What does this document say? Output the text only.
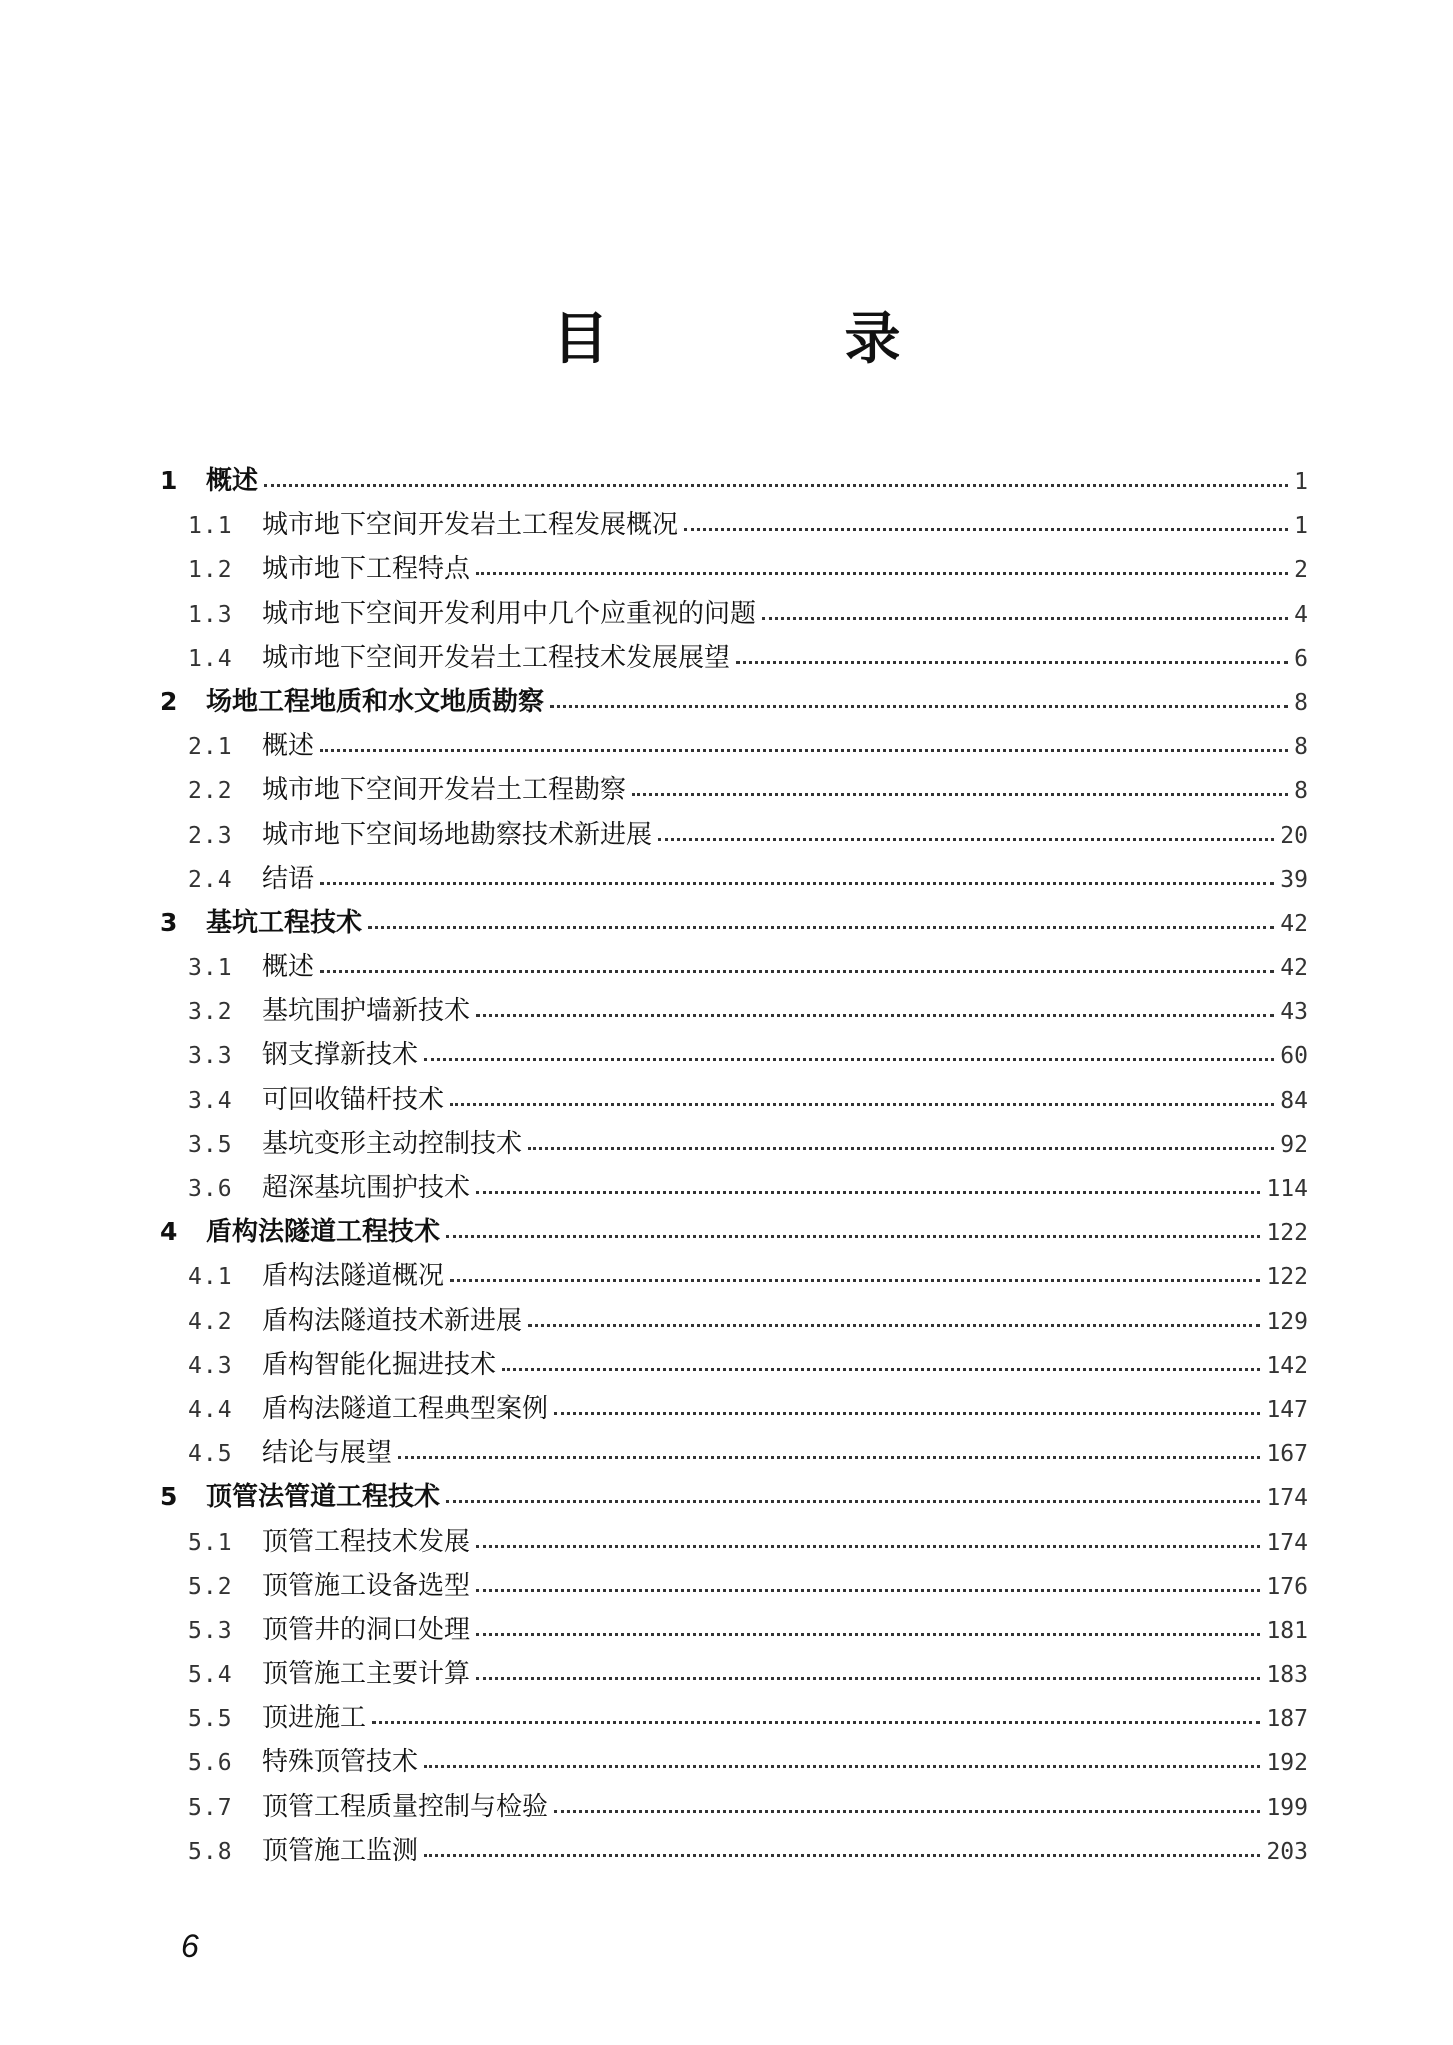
目　录
1	概述	1
1.1	城市地下空间开发岩土工程发展概况	1
1.2	城市地下工程特点	2
1.3	城市地下空间开发利用中几个应重视的问题	4
1.4	城市地下空间开发岩土工程技术发展展望	6
2	场地工程地质和水文地质勘察	8
2.1	概述	8
2.2	城市地下空间开发岩土工程勘察	8
2.3	城市地下空间场地勘察技术新进展	20
2.4	结语	39
3	基坑工程技术	42
3.1	概述	42
3.2	基坑围护墙新技术	43
3.3	钢支撑新技术	60
3.4	可回收锚杆技术	84
3.5	基坑变形主动控制技术	92
3.6	超深基坑围护技术	114
4	盾构法隧道工程技术	122
4.1	盾构法隧道概况	122
4.2	盾构法隧道技术新进展	129
4.3	盾构智能化掘进技术	142
4.4	盾构法隧道工程典型案例	147
4.5	结论与展望	167
5	顶管法管道工程技术	174
5.1	顶管工程技术发展	174
5.2	顶管施工设备选型	176
5.3	顶管井的洞口处理	181
5.4	顶管施工主要计算	183
5.5	顶进施工	187
5.6	特殊顶管技术	192
5.7	顶管工程质量控制与检验	199
5.8	顶管施工监测	203
6
